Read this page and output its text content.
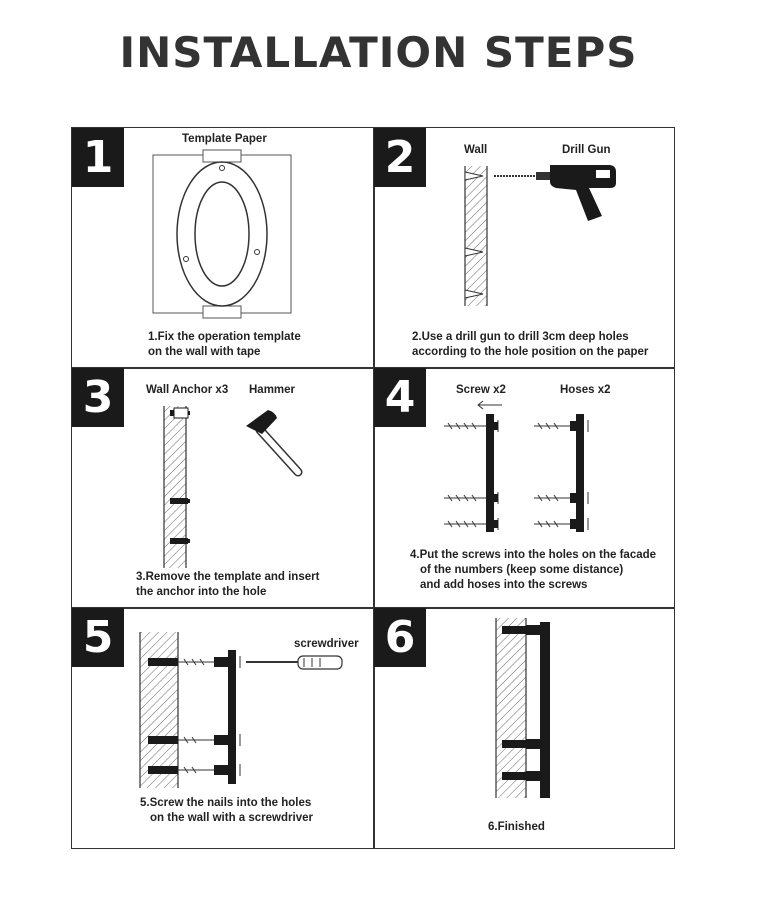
INSTALLATION STEPS
1	Template Paper
1.Fix the operation template
on the wall with tape
2	Wall	Drill Gun
2.Use a drill gun to drill 3cm deep holes
according to the hole position on the paper
3	Wall Anchor x3 Hammer
3.Remove the template and insert
the anchor into the hole
4	Screw x2	Hoses x2
4.Put the screws into the holes on the facade
of the numbers (keep some distance)
and add hoses into the screws
5	screwdriver
5.Screw the nails into the holes
on the wall with a screwdriver
6
6.Finished
